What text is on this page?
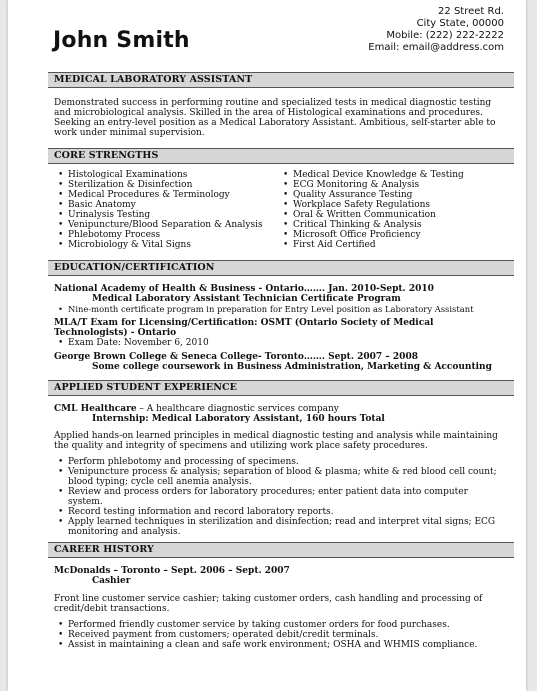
John Smith
22 Street Rd.
City State, 00000
Mobile: (222) 222-2222
Email: email@address.com
MEDICAL LABORATORY ASSISTANT

Demonstrated success in performing routine and specialized tests in medical diagnostic testing and microbiological analysis. Skilled in the area of Histological examinations and procedures. Seeking an entry-level position as a Medical Laboratory Assistant. Ambitious, self-starter able to work under minimal supervision.

CORE STRENGTHS
• Histological Examinations
• Sterilization & Disinfection
• Medical Procedures & Terminology
• Basic Anatomy
• Urinalysis Testing
• Venipuncture/Blood Separation & Analysis
• Phlebotomy Process
• Microbiology & Vital Signs
• Medical Device Knowledge & Testing
• ECG Monitoring & Analysis
• Quality Assurance Testing
• Workplace Safety Regulations
• Oral & Written Communication
• Critical Thinking & Analysis
• Microsoft Office Proficiency
• First Aid Certified
EDUCATION/CERTIFICATION

National Academy of Health & Business - Ontario……. Jan. 2010-Sept. 2010

Medical Laboratory Assistant Technician Certificate Program

• Nine-month certificate program in preparation for Entry Level position as Laboratory Assistant

MLA/T Exam for Licensing/Certification: OSMT (Ontario Society of Medical Technologists) - Ontario

• Exam Date: November 6, 2010

George Brown College & Seneca College- Toronto……. Sept. 2007 – 2008

Some college coursework in Business Administration, Marketing & Accounting

APPLIED STUDENT EXPERIENCE

CML Healthcare – A healthcare diagnostic services company

Internship: Medical Laboratory Assistant, 160 hours Total

Applied hands-on learned principles in medical diagnostic testing and analysis while maintaining the quality and integrity of specimens and utilizing work place safety procedures.

• Perform phlebotomy and processing of specimens.
• Venipuncture process & analysis; separation of blood & plasma; white & red blood cell count; blood typing; cycle cell anemia analysis.
• Review and process orders for laboratory procedures; enter patient data into computer system.
• Record testing information and record laboratory reports.
• Apply learned techniques in sterilization and disinfection; read and interpret vital signs; ECG monitoring and analysis.
CAREER HISTORY

McDonalds – Toronto – Sept. 2006 – Sept. 2007

Cashier

Front line customer service cashier; taking customer orders, cash handling and processing of credit/debit transactions.

• Performed friendly customer service by taking customer orders for food purchases.
• Received payment from customers; operated debit/credit terminals.
• Assist in maintaining a clean and safe work environment; OSHA and WHMIS compliance.
